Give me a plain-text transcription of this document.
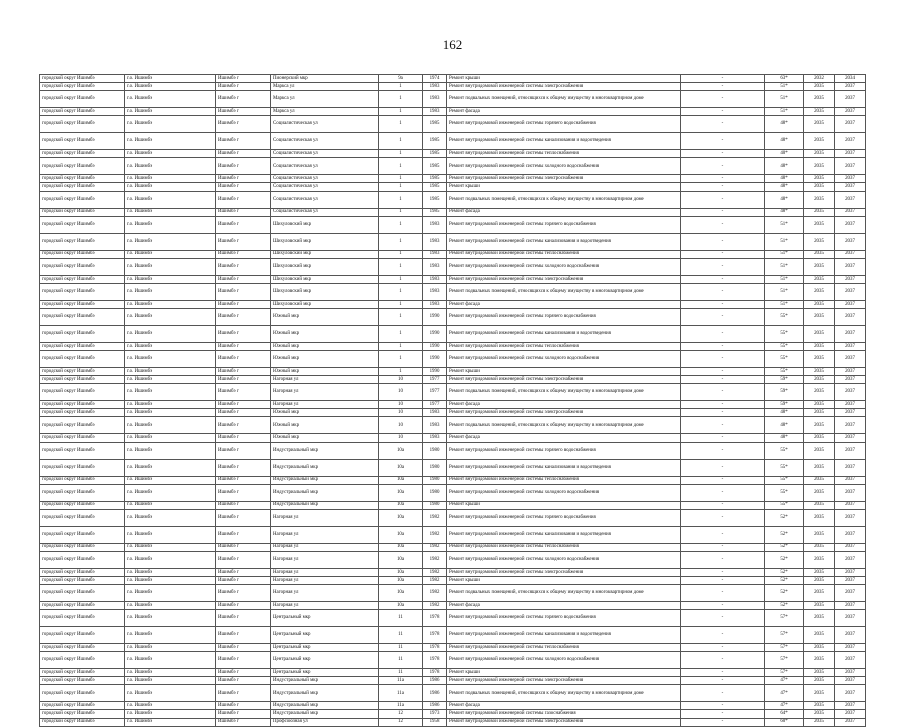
162
городской округ Ишимбэ	г.о. Ишимбэ	Ишимбэ г	Пионерский мкр	9а	1974	Ремонт крыши	-	63*	2032	2034
городской округ Ишимбэ	г.о. Ишимбэ	Ишимбэ г	Марксa ул	1	1983	Ремонт внутридомовой инженерной системы электроснабжения	-	51*	2035	2037
городской округ Ишимбэ	г.о. Ишимбэ	Ишимбэ г	Маркса ул	1	1983	Ремонт подвальных помещений, относящихся к общему имуществу в многоквартирном доме	-	51*	2035	2037
городской округ Ишимбэ	г.о. Ишимбэ	Ишимбэ г	Маркса ул	1	1983	Ремонт фасада	-	51*	2035	2037
городской округ Ишимбэ	г.о. Ишимбэ	Ишимбэ г	Социалистическая ул	1	1985	Ремонт внутридомовой инженерной системы горячего водоснабжения	-	48*	2035	2037
городской округ Ишимбэ	г.о. Ишимбэ	Ишимбэ г	Социалистическая ул	1	1985	Ремонт внутридомовой инженерной системы канализования и водоотведения	-	48*	2035	2037
городской округ Ишимбэ	г.о. Ишимбэ	Ишимбэ г	Социалистическая ул	1	1985	Ремонт внутридомовой инженерной системы теплоснабжения	-	40*	2035	2037
городской округ Ишимбэ	г.о. Ишимбэ	Ишимбэ г	Социалистическая ул	1	1985	Ремонт внутридомовой инженерной системы холодного водоснабжения	-	48*	2035	2037
городской округ Ишимбэ	г.о. Ишимбэ	Ишимбэ г	Социалистическая ул	1	1985	Ремонт внутридомовой инженерной системы электроснабжения	-	48*	2035	2037
городской округ Ишимбэ	г.о. Ишимбэ	Ишимбэ г	Социалистическая ул	1	1985	Ремонт крыши	-	48*	2035	2037
городской округ Ишимбэ	г.о. Ишимбэ	Ишимбэ г	Социалистическая ул	1	1985	Ремонт подвальных помещений, относящихся к общему имуществу в многоквартирном доме	-	48*	2035	2037
городской округ Ишимбэ	г.о. Ишимбэ	Ишимбэ г	Социалистическая ул	1	1985	Ремонт фасада	-	48*	2035	2037
городской округ Ишимбэ	г.о. Ишимбэ	Ишимбэ г	Шихуловский мкр	1	1983	Ремонт внутридомовой инженерной системы горячего водоснабжения	-	51*	2035	2037
городской округ Ишимбэ	г.о. Ишимбэ	Ишимбэ г	Шихуловский мкр	1	1983	Ремонт внутридомовой инженерной системы канализования и водоотведения	-	51*	2035	2037
городской округ Ишимбэ	г.о. Ишимбэ	Ишимбэ г	Шихуловский мкр	1	1983	Ремонт внутридомовой инженерной системы теплоснабжения	-	51*	2035	2037
городской округ Ишимбэ	г.о. Ишимбэ	Ишимбэ г	Шихуловский мкр	1	1983	Ремонт внутридомовой инженерной системы холодного водоснабжения	-	51*	2035	2037
городской округ Ишимбэ	г.о. Ишимбэ	Ишимбэ г	Шихуловский мкр	1	1983	Ремонт внутридомовой инженерной системы электроснабжения	-	51*	2035	2037
городской округ Ишимбэ	г.о. Ишимбэ	Ишимбэ г	Шихуловский мкр	1	1983	Ремонт подвальных помещений, относящихся к общему имуществу в многоквартирном доме	-	51*	2035	2037
городской округ Ишимбэ	г.о. Ишимбэ	Ишимбэ г	Шихуловский мкр	1	1983	Ремонт фасада	-	51*	2035	2037
городской округ Ишимбэ	г.о. Ишимбэ	Ишимбэ г	Южный мкр	1	1990	Ремонт внутридомовой инженерной системы горячего водоснабжения	-	55*	2035	2037
городской округ Ишимбэ	г.о. Ишимбэ	Ишимбэ г	Южный мкр	1	1990	Ремонт внутридомовой инженерной системы канализования и водоотведения	-	55*	2035	2037
городской округ Ишимбэ	г.о. Ишимбэ	Ишимбэ г	Южный мкр	1	1990	Ремонт внутридомовой инженерной системы теплоснабжения	-	55*	2035	2037
городской округ Ишимбэ	г.о. Ишимбэ	Ишимбэ г	Южный мкр	1	1990	Ремонт внутридомовой инженерной системы холодного водоснабжения	-	55*	2035	2037
городской округ Ишимбэ	г.о. Ишимбэ	Ишимбэ г	Южный мкр	1	1990	Ремонт крыши	-	55*	2035	2037
городской округ Ишимбэ	г.о. Ишимбэ	Ишимбэ г	Нагорная ул	10	1977	Ремонт внутридомовой инженерной системы электроснабжения	-	59*	2035	2037
городской округ Ишимбэ	г.о. Ишимбэ	Ишимбэ г	Нагорная ул	10	1977	Ремонт подвальных помещений, относящихся к общему имуществу в многоквартирном доме	-	59*	2035	2037
городской округ Ишимбэ	г.о. Ишимбэ	Ишимбэ г	Нагорная ул	10	1977	Ремонт фасада	-	59*	2035	2037
городской округ Ишимбэ	г.о. Ишимбэ	Ишимбэ г	Южный мкр	10	1983	Ремонт внутридомовой инженерной системы электроснабжения	-	48*	2035	2037
городской округ Ишимбэ	г.о. Ишимбэ	Ишимбэ г	Южный мкр	10	1983	Ремонт подвальных помещений, относящихся к общему имуществу в многоквартирном доме	-	48*	2035	2037
городской округ Ишимбэ	г.о. Ишимбэ	Ишимбэ г	Южный мкр	10	1983	Ремонт фасада	-	48*	2035	2037
городской округ Ишимбэ	г.о. Ишимбэ	Ишимбэ г	Индустриальный мкр	10а	1980	Ремонт внутридомовой инженерной системы горячего водоснабжения	-	55*	2035	2037
городской округ Ишимбэ	г.о. Ишимбэ	Ишимбэ г	Индустриальный мкр	10а	1980	Ремонт внутридомовой инженерной системы канализования и водоотведения	-	55*	2035	2037
городской округ Ишимбэ	г.о. Ишимбэ	Ишимбэ г	Индустриальный мкр	10а	1980	Ремонт внутридомовой инженерной системы теплоснабжения	-	55*	2035	2037
городской округ Ишимбэ	г.о. Ишимбэ	Ишимбэ г	Индустриальный мкр	10а	1980	Ремонт внутридомовой инженерной системы холодного водоснабжения	-	55*	2035	2037
городской округ Ишимбэ	г.о. Ишимбэ	Ишимбэ г	Индустриальный мкр	10а	1980	Ремонт крыши	-	55*	2035	2037
городской округ Ишимбэ	г.о. Ишимбэ	Ишимбэ г	Нагорная ул	10а	1982	Ремонт внутридомовой инженерной системы горячего водоснабжения	-	52*	2035	2037
городской округ Ишимбэ	г.о. Ишимбэ	Ишимбэ г	Нагорная ул	10а	1982	Ремонт внутридомовой инженерной системы канализования и водоотведения	-	52*	2035	2037
городской округ Ишимбэ	г.о. Ишимбэ	Ишимбэ г	Нагорная ул	10а	1982	Ремонт внутридомовой инженерной системы теплоснабжения	-	52*	2035	2037
городской округ Ишимбэ	г.о. Ишимбэ	Ишимбэ г	Нагорная ул	10а	1982	Ремонт внутридомовой инженерной системы холодного водоснабжения	-	52*	2035	2037
городской округ Ишимбэ	г.о. Ишимбэ	Ишимбэ г	Нагорная ул	10а	1982	Ремонт внутридомовой инженерной системы электроснабжения	-	52*	2035	2037
городской округ Ишимбэ	г.о. Ишимбэ	Ишимбэ г	Нагорная ул	10а	1982	Ремонт крыши	-	52*	2035	2037
городской округ Ишимбэ	г.о. Ишимбэ	Ишимбэ г	Нагорная ул	10а	1982	Ремонт подвальных помещений, относящихся к общему имуществу в многоквартирном доме	-	52*	2035	2037
городской округ Ишимбэ	г.о. Ишимбэ	Ишимбэ г	Нагорная ул	10а	1982	Ремонт фасада	-	52*	2035	2037
городской округ Ишимбэ	г.о. Ишимбэ	Ишимбэ г	Центральный мкр	11	1978	Ремонт внутридомовой инженерной системы горячего водоснабжения	-	57*	2035	2037
городской округ Ишимбэ	г.о. Ишимбэ	Ишимбэ г	Центральный мкр	11	1978	Ремонт внутридомовой инженерной системы канализования и водоотведения	-	57*	2035	2037
городской округ Ишимбэ	г.о. Ишимбэ	Ишимбэ г	Центральный мкр	11	1978	Ремонт внутридомовой инженерной системы теплоснабжения	-	57*	2035	2037
городской округ Ишимбэ	г.о. Ишимбэ	Ишимбэ г	Центральный мкр	11	1978	Ремонт внутридомовой инженерной системы холодного водоснабжения	-	57*	2035	2037
городской округ Ишимбэ	г.о. Ишимбэ	Ишимбэ г	Центральный мкр	11	1978	Ремонт крыши	-	57*	2035	2037
городской округ Ишимбэ	г.о. Ишимбэ	Ишимбэ г	Индустриальный мкр	11а	1986	Ремонт внутридомовой инженерной системы электроснабжения	-	47*	2035	2037
городской округ Ишимбэ	г.о. Ишимбэ	Ишимбэ г	Индустриальный мкр	11а	1986	Ремонт подвальных помещений, относящихся к общему имуществу в многоквартирном доме	-	47*	2035	2037
городской округ Ишимбэ	г.о. Ишимбэ	Ишимбэ г	Индустриальный мкр	11а	1986	Ремонт фасада	-	47*	2035	2037
городской округ Ишимбэ	г.о. Ишимбэ	Ишимбэ г	Индустриальный мкр	12	1973	Ремонт внутридомовой инженерной системы газоснабжения	-	64*	2035	2037
городской округ Ишимбэ	г.о. Ишимбэ	Ишимбэ г	Профсоюзная ул	12	1958	Ремонт внутридомовой инженерной системы электроснабжения	-	60*	2035	2037
